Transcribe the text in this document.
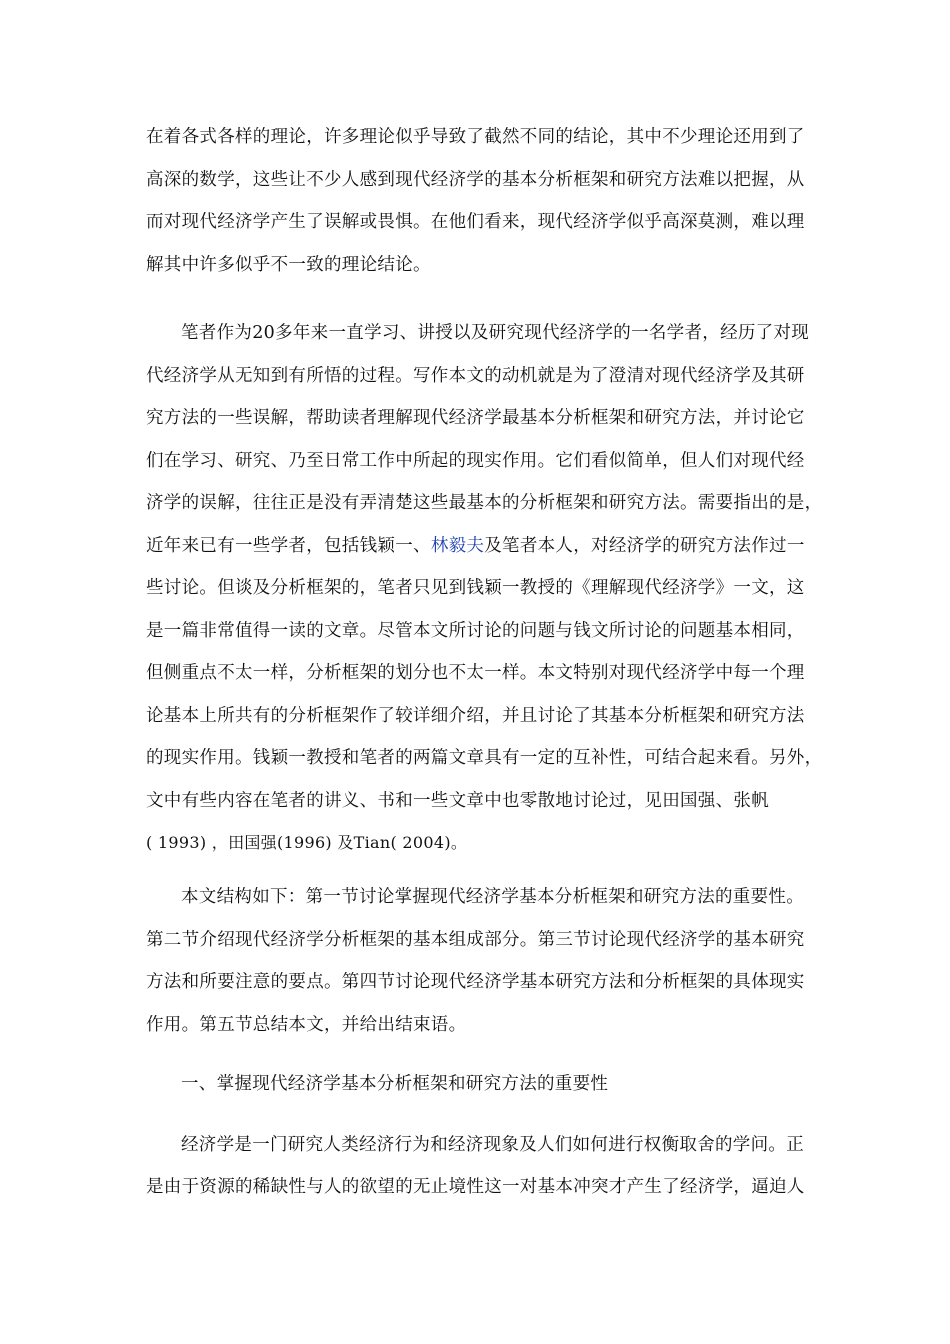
在着各式各样的理论，许多理论似乎导致了截然不同的结论，其中不少理论还用到了
高深的数学，这些让不少人感到现代经济学的基本分析框架和研究方法难以把握，从
而对现代经济学产生了误解或畏惧。在他们看来，现代经济学似乎高深莫测，难以理
解其中许多似乎不一致的理论结论。
笔者作为20多年来一直学习、讲授以及研究现代经济学的一名学者，经历了对现
代经济学从无知到有所悟的过程。写作本文的动机就是为了澄清对现代经济学及其研
究方法的一些误解，帮助读者理解现代经济学最基本分析框架和研究方法，并讨论它
们在学习、研究、乃至日常工作中所起的现实作用。它们看似简单，但人们对现代经
济学的误解，往往正是没有弄清楚这些最基本的分析框架和研究方法。需要指出的是，
近年来已有一些学者，包括钱颖一、林毅夫及笔者本人，对经济学的研究方法作过一
些讨论。但谈及分析框架的，笔者只见到钱颖一教授的《理解现代经济学》一文，这
是一篇非常值得一读的文章。尽管本文所讨论的问题与钱文所讨论的问题基本相同，
但侧重点不太一样，分析框架的划分也不太一样。本文特别对现代经济学中每一个理
论基本上所共有的分析框架作了较详细介绍，并且讨论了其基本分析框架和研究方法
的现实作用。钱颖一教授和笔者的两篇文章具有一定的互补性，可结合起来看。另外，
文中有些内容在笔者的讲义、书和一些文章中也零散地讨论过，见田国强、张帆
( 1993) ，田国强(1996) 及Tian( 2004)。
本文结构如下：第一节讨论掌握现代经济学基本分析框架和研究方法的重要性。
第二节介绍现代经济学分析框架的基本组成部分。第三节讨论现代经济学的基本研究
方法和所要注意的要点。第四节讨论现代经济学基本研究方法和分析框架的具体现实
作用。第五节总结本文，并给出结束语。
一、掌握现代经济学基本分析框架和研究方法的重要性
经济学是一门研究人类经济行为和经济现象及人们如何进行权衡取舍的学问。正
是由于资源的稀缺性与人的欲望的无止境性这一对基本冲突才产生了经济学，逼迫人
